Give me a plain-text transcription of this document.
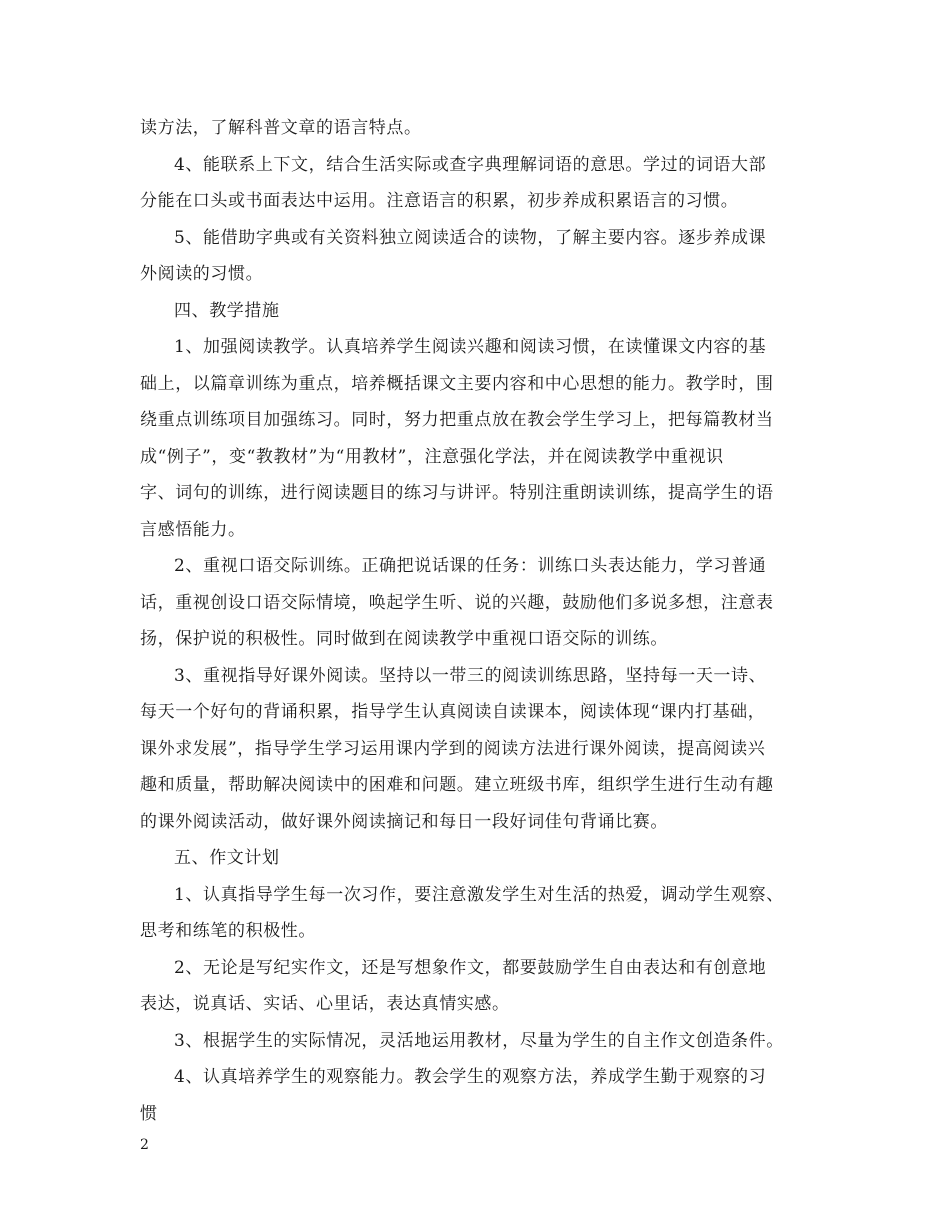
读方法，了解科普文章的语言特点。
4、能联系上下文，结合生活实际或查字典理解词语的意思。学过的词语大部
分能在口头或书面表达中运用。注意语言的积累，初步养成积累语言的习惯。
5、能借助字典或有关资料独立阅读适合的读物，了解主要内容。逐步养成课
外阅读的习惯。
四、教学措施
1、加强阅读教学。认真培养学生阅读兴趣和阅读习惯，在读懂课文内容的基
础上，以篇章训练为重点，培养概括课文主要内容和中心思想的能力。教学时，围
绕重点训练项目加强练习。同时，努力把重点放在教会学生学习上，把每篇教材当
成“例子”，变“教教材”为“用教材”，注意强化学法，并在阅读教学中重视识
字、词句的训练，进行阅读题目的练习与讲评。特别注重朗读训练，提高学生的语
言感悟能力。
2、重视口语交际训练。正确把说话课的任务：训练口头表达能力，学习普通
话，重视创设口语交际情境，唤起学生听、说的兴趣，鼓励他们多说多想，注意表
扬，保护说的积极性。同时做到在阅读教学中重视口语交际的训练。
3、重视指导好课外阅读。坚持以一带三的阅读训练思路，坚持每一天一诗、
每天一个好句的背诵积累，指导学生认真阅读自读课本，阅读体现“课内打基础，
课外求发展”，指导学生学习运用课内学到的阅读方法进行课外阅读，提高阅读兴
趣和质量，帮助解决阅读中的困难和问题。建立班级书库，组织学生进行生动有趣
的课外阅读活动，做好课外阅读摘记和每日一段好词佳句背诵比赛。
五、作文计划
1、认真指导学生每一次习作，要注意激发学生对生活的热爱，调动学生观察、
思考和练笔的积极性。
2、无论是写纪实作文，还是写想象作文，都要鼓励学生自由表达和有创意地
表达，说真话、实话、心里话，表达真情实感。
3、根据学生的实际情况，灵活地运用教材，尽量为学生的自主作文创造条件。
4、认真培养学生的观察能力。教会学生的观察方法，养成学生勤于观察的习
惯
2
